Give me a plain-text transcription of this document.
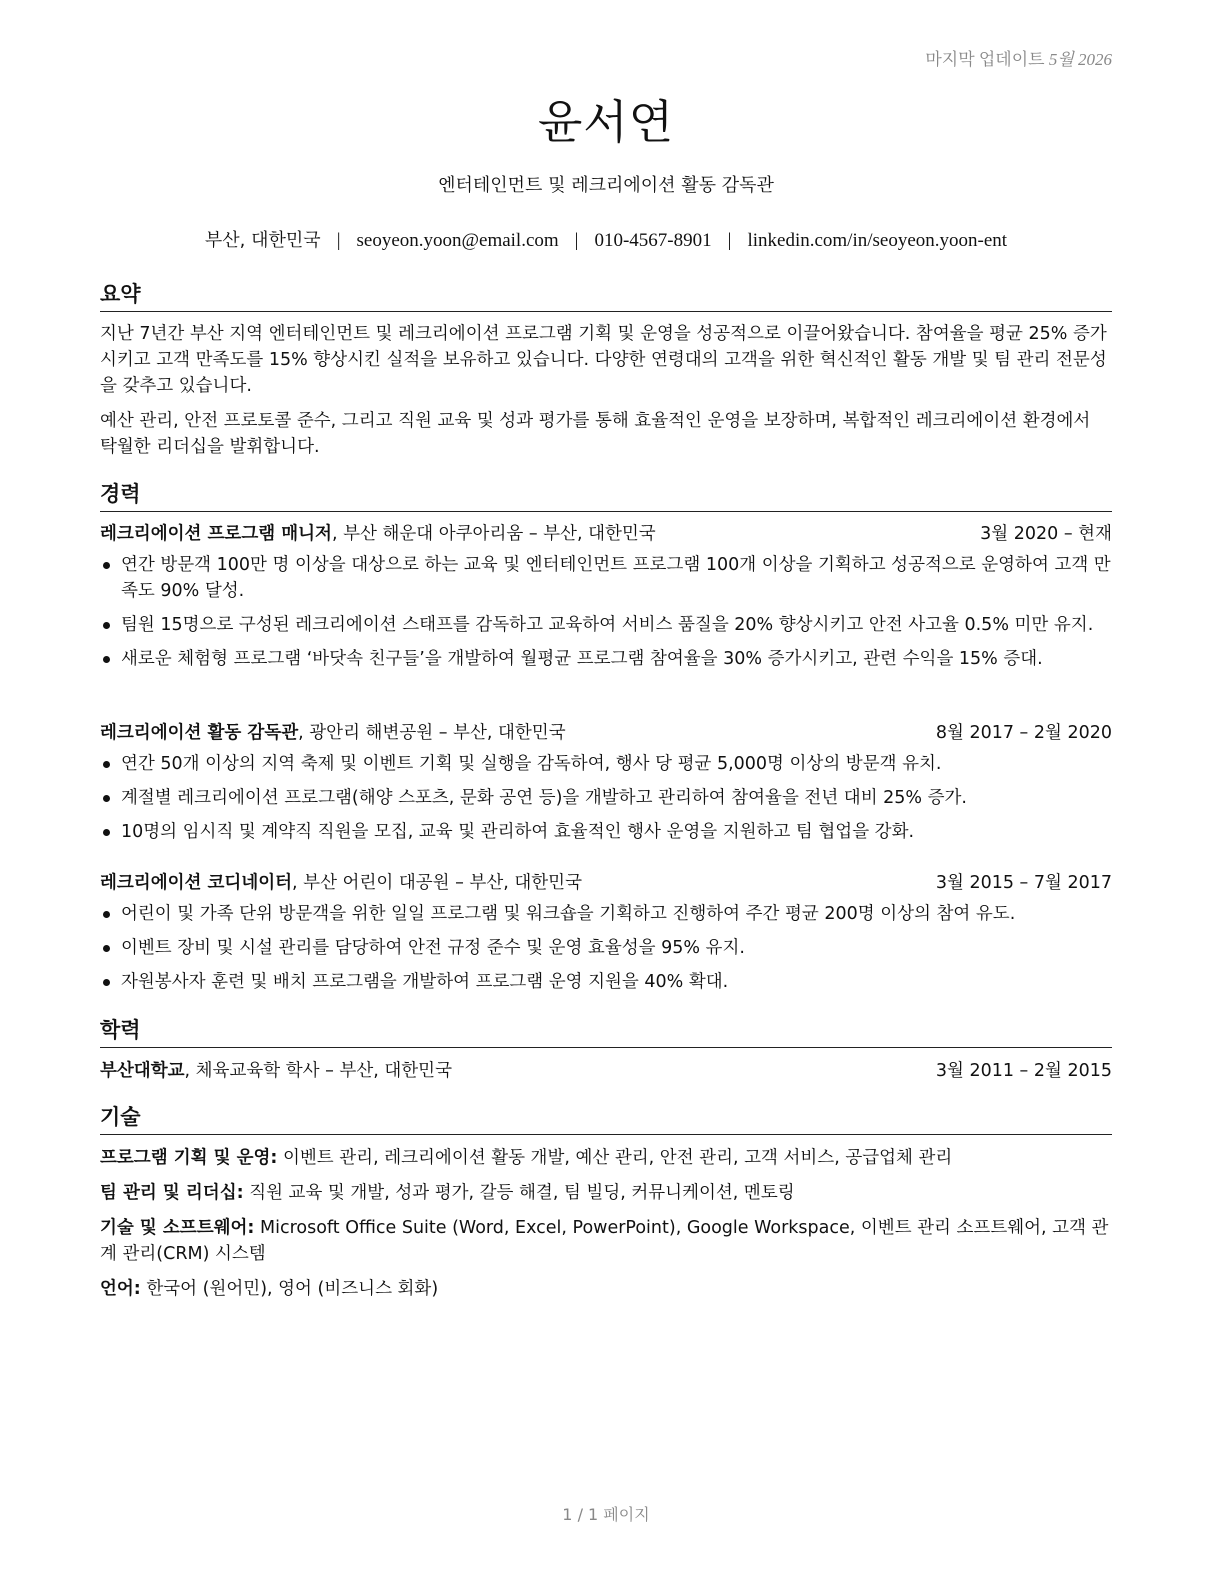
마지막 업데이트 5월 2026
윤서연
엔터테인먼트 및 레크리에이션 활동 감독관
부산, 대한민국 | seoyeon.yoon@email.com | 010-4567-8901 | linkedin.com/in/seoyeon.yoon-ent
요약
지난 7년간 부산 지역 엔터테인먼트 및 레크리에이션 프로그램 기획 및 운영을 성공적으로 이끌어왔습니다. 참여율을 평균 25% 증가시키고 고객 만족도를 15% 향상시킨 실적을 보유하고 있습니다. 다양한 연령대의 고객을 위한 혁신적인 활동 개발 및 팀 관리 전문성을 갖추고 있습니다.
예산 관리, 안전 프로토콜 준수, 그리고 직원 교육 및 성과 평가를 통해 효율적인 운영을 보장하며, 복합적인 레크리에이션 환경에서 탁월한 리더십을 발휘합니다.
경력
레크리에이션 프로그램 매니저, 부산 해운대 아쿠아리움 – 부산, 대한민국	3월 2020 – 현재
연간 방문객 100만 명 이상을 대상으로 하는 교육 및 엔터테인먼트 프로그램 100개 이상을 기획하고 성공적으로 운영하여 고객 만족도 90% 달성.
팀원 15명으로 구성된 레크리에이션 스태프를 감독하고 교육하여 서비스 품질을 20% 향상시키고 안전 사고율 0.5% 미만 유지.
새로운 체험형 프로그램 ‘바닷속 친구들’을 개발하여 월평균 프로그램 참여율을 30% 증가시키고, 관련 수익을 15% 증대.
레크리에이션 활동 감독관, 광안리 해변공원 – 부산, 대한민국	8월 2017 – 2월 2020
연간 50개 이상의 지역 축제 및 이벤트 기획 및 실행을 감독하여, 행사 당 평균 5,000명 이상의 방문객 유치.
계절별 레크리에이션 프로그램(해양 스포츠, 문화 공연 등)을 개발하고 관리하여 참여율을 전년 대비 25% 증가.
10명의 임시직 및 계약직 직원을 모집, 교육 및 관리하여 효율적인 행사 운영을 지원하고 팀 협업을 강화.
레크리에이션 코디네이터, 부산 어린이 대공원 – 부산, 대한민국	3월 2015 – 7월 2017
어린이 및 가족 단위 방문객을 위한 일일 프로그램 및 워크숍을 기획하고 진행하여 주간 평균 200명 이상의 참여 유도.
이벤트 장비 및 시설 관리를 담당하여 안전 규정 준수 및 운영 효율성을 95% 유지.
자원봉사자 훈련 및 배치 프로그램을 개발하여 프로그램 운영 지원을 40% 확대.
학력
부산대학교, 체육교육학 학사 – 부산, 대한민국	3월 2011 – 2월 2015
기술
프로그램 기획 및 운영: 이벤트 관리, 레크리에이션 활동 개발, 예산 관리, 안전 관리, 고객 서비스, 공급업체 관리
팀 관리 및 리더십: 직원 교육 및 개발, 성과 평가, 갈등 해결, 팀 빌딩, 커뮤니케이션, 멘토링
기술 및 소프트웨어: Microsoft Office Suite (Word, Excel, PowerPoint), Google Workspace, 이벤트 관리 소프트웨어, 고객 관계 관리(CRM) 시스템
언어: 한국어 (원어민), 영어 (비즈니스 회화)
1 / 1 페이지
